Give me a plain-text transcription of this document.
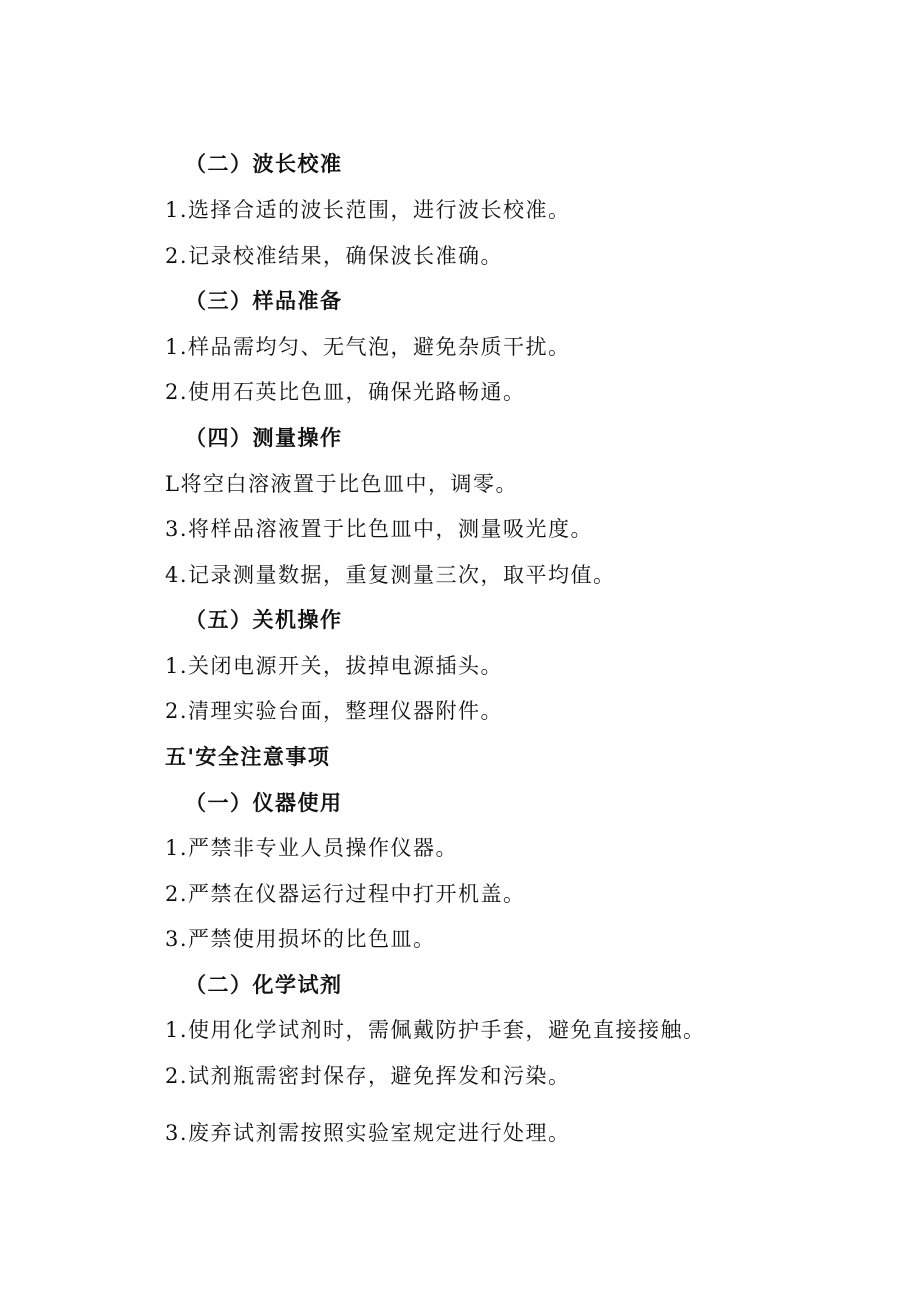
（二）波长校准
1.选择合适的波长范围，进行波长校准。
2.记录校准结果，确保波长准确。
（三）样品准备
1.样品需均匀、无气泡，避免杂质干扰。
2.使用石英比色皿，确保光路畅通。
（四）测量操作
L将空白溶液置于比色皿中，调零。
3.将样品溶液置于比色皿中，测量吸光度。
4.记录测量数据，重复测量三次，取平均值。
（五）关机操作
1.关闭电源开关，拔掉电源插头。
2.清理实验台面，整理仪器附件。
五'安全注意事项
（一）仪器使用
1.严禁非专业人员操作仪器。
2.严禁在仪器运行过程中打开机盖。
3.严禁使用损坏的比色皿。
（二）化学试剂
1.使用化学试剂时，需佩戴防护手套，避免直接接触。
2.试剂瓶需密封保存，避免挥发和污染。
3.废弃试剂需按照实验室规定进行处理。
